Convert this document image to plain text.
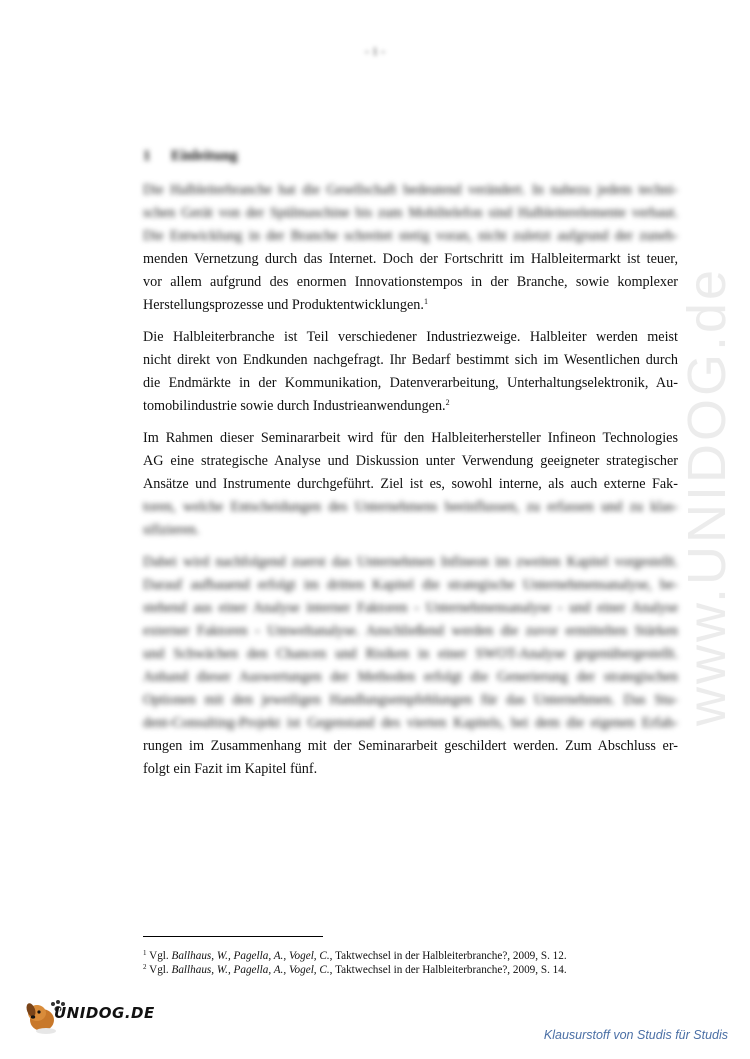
- 1 -
www.UNIDOG.de
1 Einleitung
Die Halbleiterbranche hat die Gesellschaft bedeutend verändert. In nahezu jedem techni-
schen Gerät von der Spülmaschine bis zum Mobiltelefon sind Halbleiterelemente verbaut.
Die Entwicklung in der Branche schreitet stetig voran, nicht zuletzt aufgrund der zuneh-
menden Vernetzung durch das Internet. Doch der Fortschritt im Halbleitermarkt ist teuer,
vor allem aufgrund des enormen Innovationstempos in der Branche, sowie komplexer
Herstellungsprozesse und Produktentwicklungen.$^1$
Die Halbleiterbranche ist Teil verschiedener Industriezweige. Halbleiter werden meist
nicht direkt von Endkunden nachgefragt. Ihr Bedarf bestimmt sich im Wesentlichen durch
die Endmärkte in der Kommunikation, Datenverarbeitung, Unterhaltungselektronik, Au-
tomobilindustrie sowie durch Industrieanwendungen.$^2$
Im Rahmen dieser Seminararbeit wird für den Halbleiterhersteller Infineon Technologies
AG eine strategische Analyse und Diskussion unter Verwendung geeigneter strategischer
Ansätze und Instrumente durchgeführt. Ziel ist es, sowohl interne, als auch externe Fak-
toren, welche Entscheidungen des Unternehmens beeinflussen, zu erfassen und zu klas-
sifizieren.
Dabei wird nachfolgend zuerst das Unternehmen Infineon im zweiten Kapitel vorgestellt.
Darauf aufbauend erfolgt im dritten Kapitel die strategische Unternehmensanalyse, be-
stehend aus einer Analyse interner Faktoren - Unternehmensanalyse - und einer Analyse
externer Faktoren - Umweltanalyse. Anschließend werden die zuvor ermittelten Stärken
und Schwächen den Chancen und Risiken in einer SWOT-Analyse gegenübergestellt.
Anhand dieser Auswertungen der Methoden erfolgt die Generierung der strategischen
Optionen mit den jeweiligen Handlungsempfehlungen für das Unternehmen. Das Stu-
dent-Consulting-Projekt ist Gegenstand des vierten Kapitels, bei dem die eigenen Erfah-
rungen im Zusammenhang mit der Seminararbeit geschildert werden. Zum Abschluss er-
folgt ein Fazit im Kapitel fünf.
$^1$ Vgl. Ballhaus, W., Pagella, A., Vogel, C., Taktwechsel in der Halbleiterbranche?, 2009, S. 12.
$^2$ Vgl. Ballhaus, W., Pagella, A., Vogel, C., Taktwechsel in der Halbleiterbranche?, 2009, S. 14.
UNIDOG.DE
Klausurstoff von Studis für Studis
